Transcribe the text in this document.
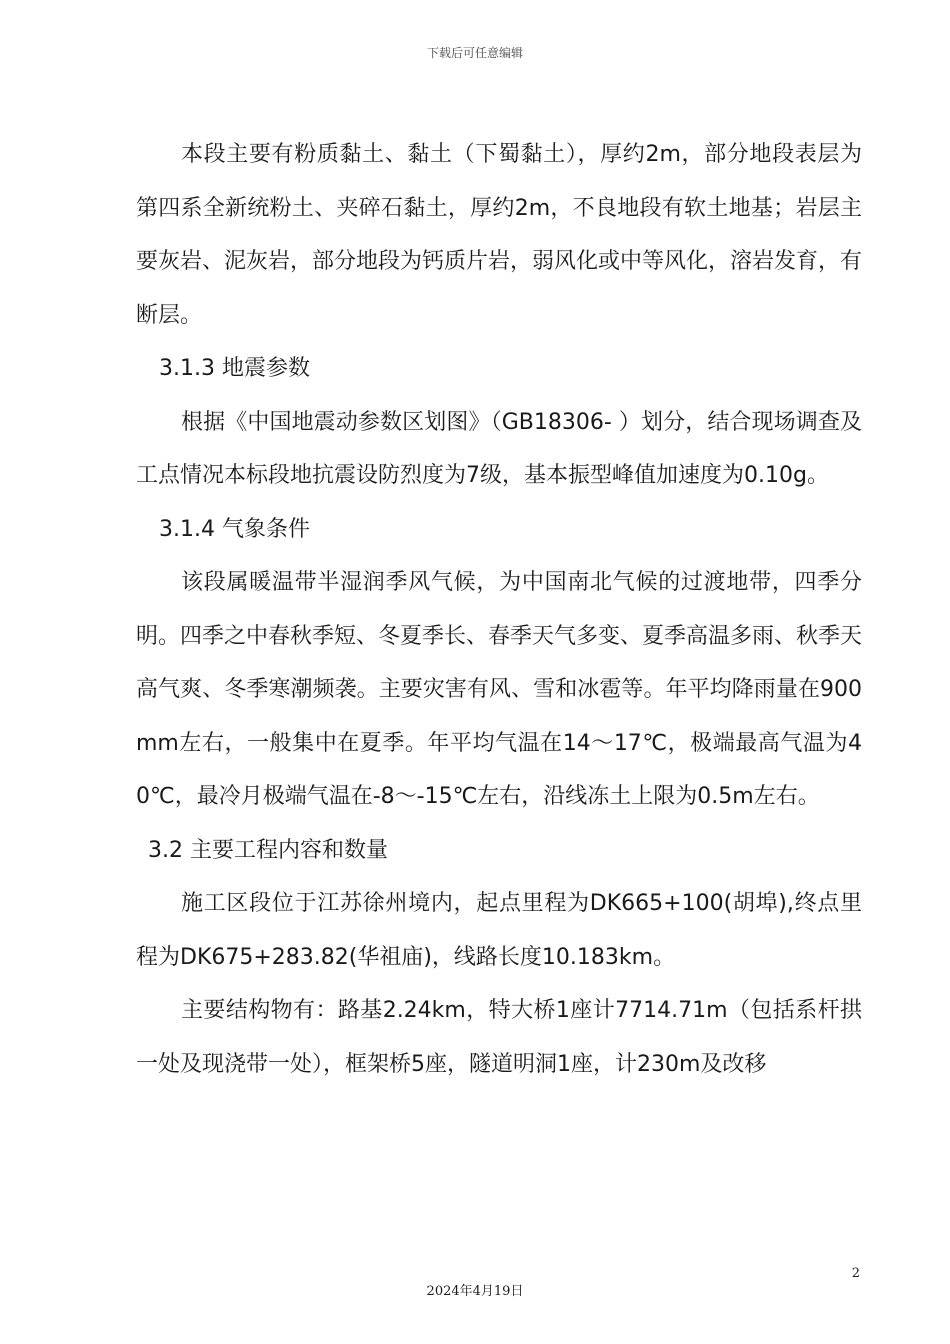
下载后可任意编辑

本段主要有粉质黏土、黏土（下蜀黏土），厚约2m，部分地段表层为第四系全新统粉土、夹碎石黏土，厚约2m，不良地段有软土地基；岩层主要灰岩、泥灰岩，部分地段为钙质片岩，弱风化或中等风化，溶岩发育，有断层。

3.1.3 地震参数

根据《中国地震动参数区划图》（GB18306- ）划分，结合现场调查及工点情况本标段地抗震设防烈度为7级，基本振型峰值加速度为0.10g。

3.1.4 气象条件

该段属暖温带半湿润季风气候，为中国南北气候的过渡地带，四季分明。四季之中春秋季短、冬夏季长、春季天气多变、夏季高温多雨、秋季天高气爽、冬季寒潮频袭。主要灾害有风、雪和冰雹等。年平均降雨量在900mm左右，一般集中在夏季。年平均气温在14～17℃，极端最高气温为40℃，最冷月极端气温在-8～-15℃左右，沿线冻土上限为0.5m左右。

3.2 主要工程内容和数量

施工区段位于江苏徐州境内，起点里程为DK665+100(胡埠),终点里程为DK675+283.82(华祖庙)，线路长度10.183km。

主要结构物有：路基2.24km，特大桥1座计7714.71m（包括系杆拱一处及现浇带一处），框架桥5座，隧道明洞1座，计230m及改移

2
2024年4月19日
